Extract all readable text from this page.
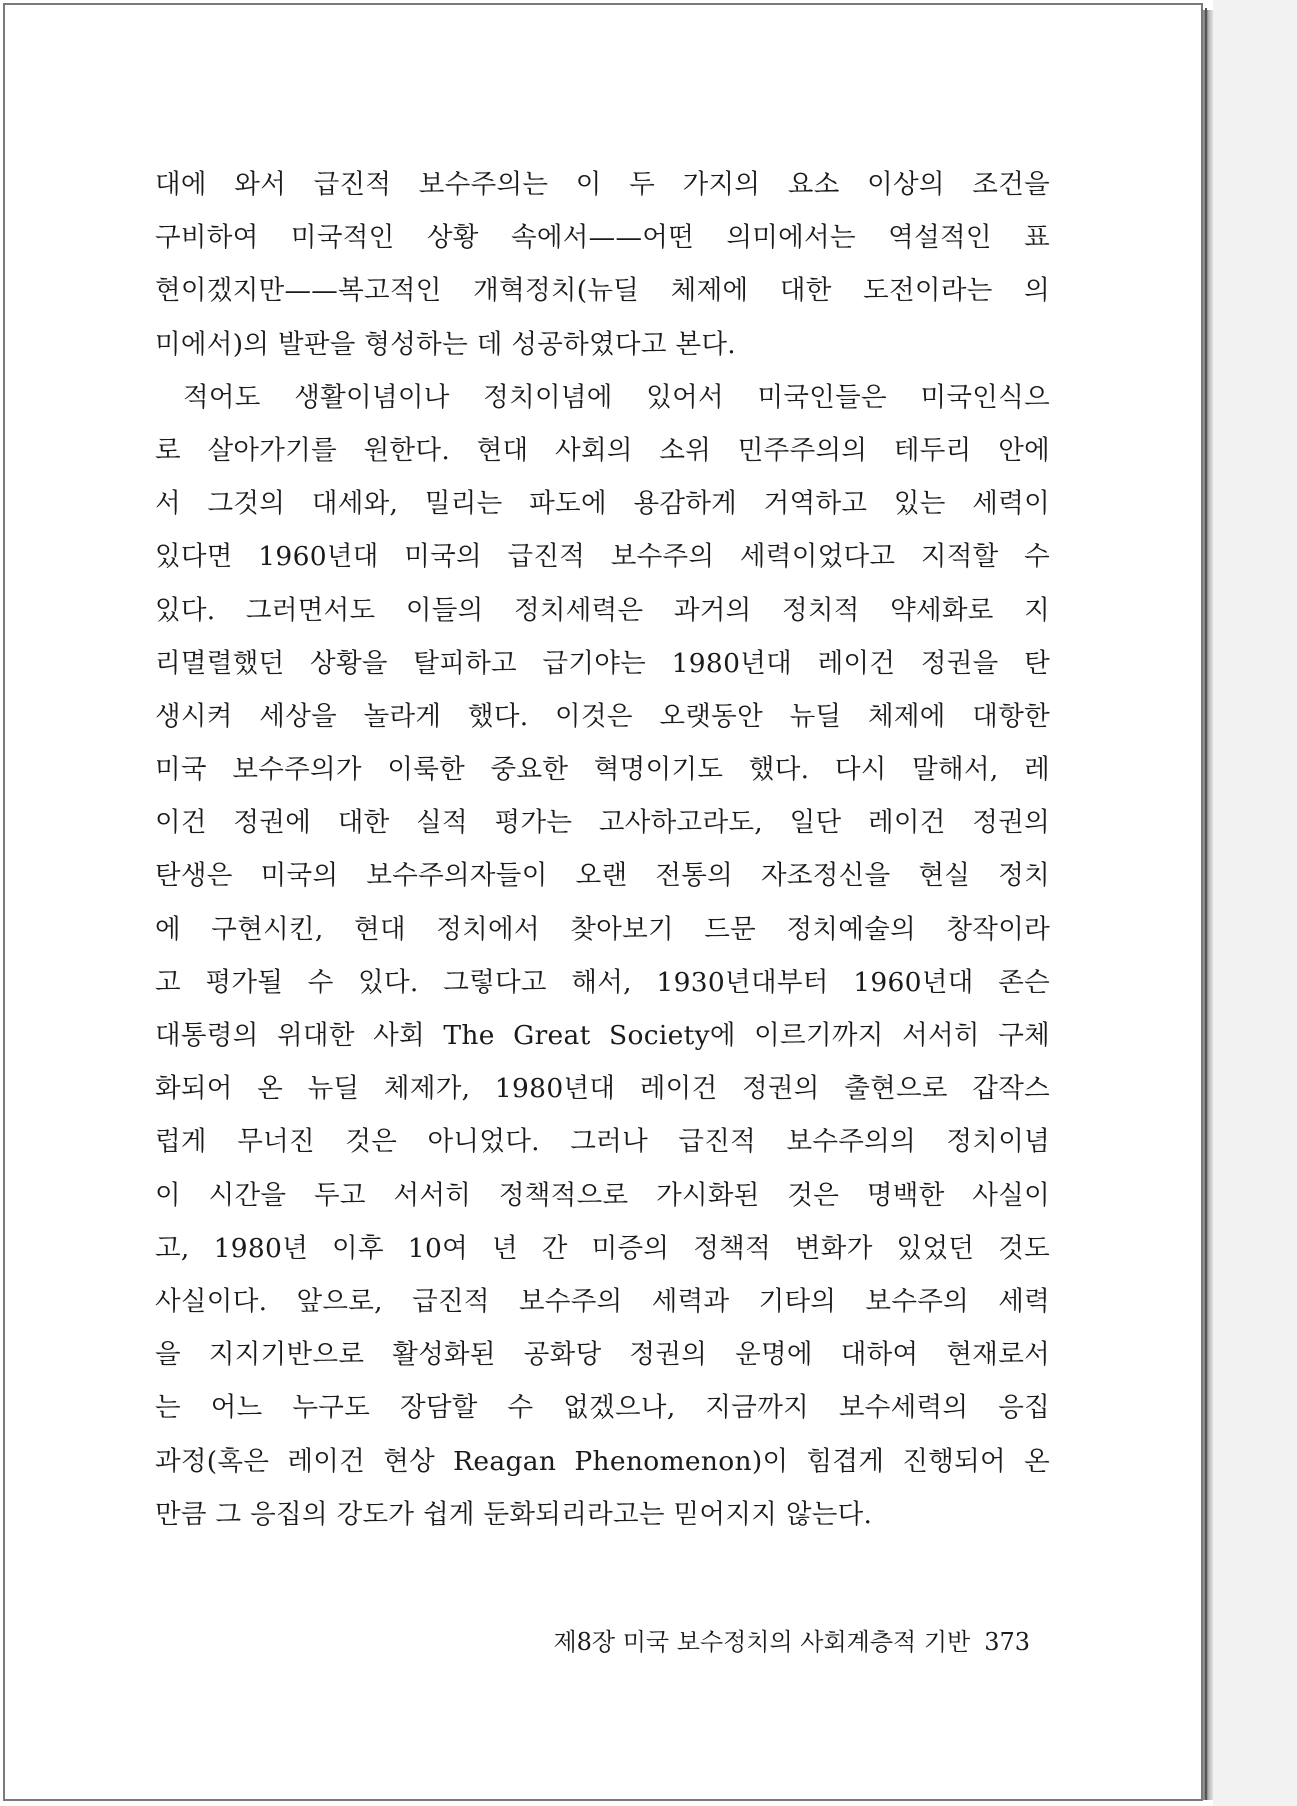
대에 와서 급진적 보수주의는 이 두 가지의 요소 이상의 조건을
구비하여 미국적인 상황 속에서——어떤 의미에서는 역설적인 표
현이겠지만——복고적인 개혁정치(뉴딜 체제에 대한 도전이라는 의
미에서)의 발판을 형성하는 데 성공하였다고 본다.
적어도 생활이념이나 정치이념에 있어서 미국인들은 미국인식으
로 살아가기를 원한다. 현대 사회의 소위 민주주의의 테두리 안에
서 그것의 대세와, 밀리는 파도에 용감하게 거역하고 있는 세력이
있다면 1960년대 미국의 급진적 보수주의 세력이었다고 지적할 수
있다. 그러면서도 이들의 정치세력은 과거의 정치적 약세화로 지
리멸렬했던 상황을 탈피하고 급기야는 1980년대 레이건 정권을 탄
생시켜 세상을 놀라게 했다. 이것은 오랫동안 뉴딜 체제에 대항한
미국 보수주의가 이룩한 중요한 혁명이기도 했다. 다시 말해서, 레
이건 정권에 대한 실적 평가는 고사하고라도, 일단 레이건 정권의
탄생은 미국의 보수주의자들이 오랜 전통의 자조정신을 현실 정치
에 구현시킨, 현대 정치에서 찾아보기 드문 정치예술의 창작이라
고 평가될 수 있다. 그렇다고 해서, 1930년대부터 1960년대 존슨
대통령의 위대한 사회 The Great Society에 이르기까지 서서히 구체
화되어 온 뉴딜 체제가, 1980년대 레이건 정권의 출현으로 갑작스
럽게 무너진 것은 아니었다. 그러나 급진적 보수주의의 정치이념
이 시간을 두고 서서히 정책적으로 가시화된 것은 명백한 사실이
고, 1980년 이후 10여 년 간 미증의 정책적 변화가 있었던 것도
사실이다. 앞으로, 급진적 보수주의 세력과 기타의 보수주의 세력
을 지지기반으로 활성화된 공화당 정권의 운명에 대하여 현재로서
는 어느 누구도 장담할 수 없겠으나, 지금까지 보수세력의 응집
과정(혹은 레이건 현상 Reagan Phenomenon)이 힘겹게 진행되어 온
만큼 그 응집의 강도가 쉽게 둔화되리라고는 믿어지지 않는다.
제8장 미국 보수정치의 사회계층적 기반 373
